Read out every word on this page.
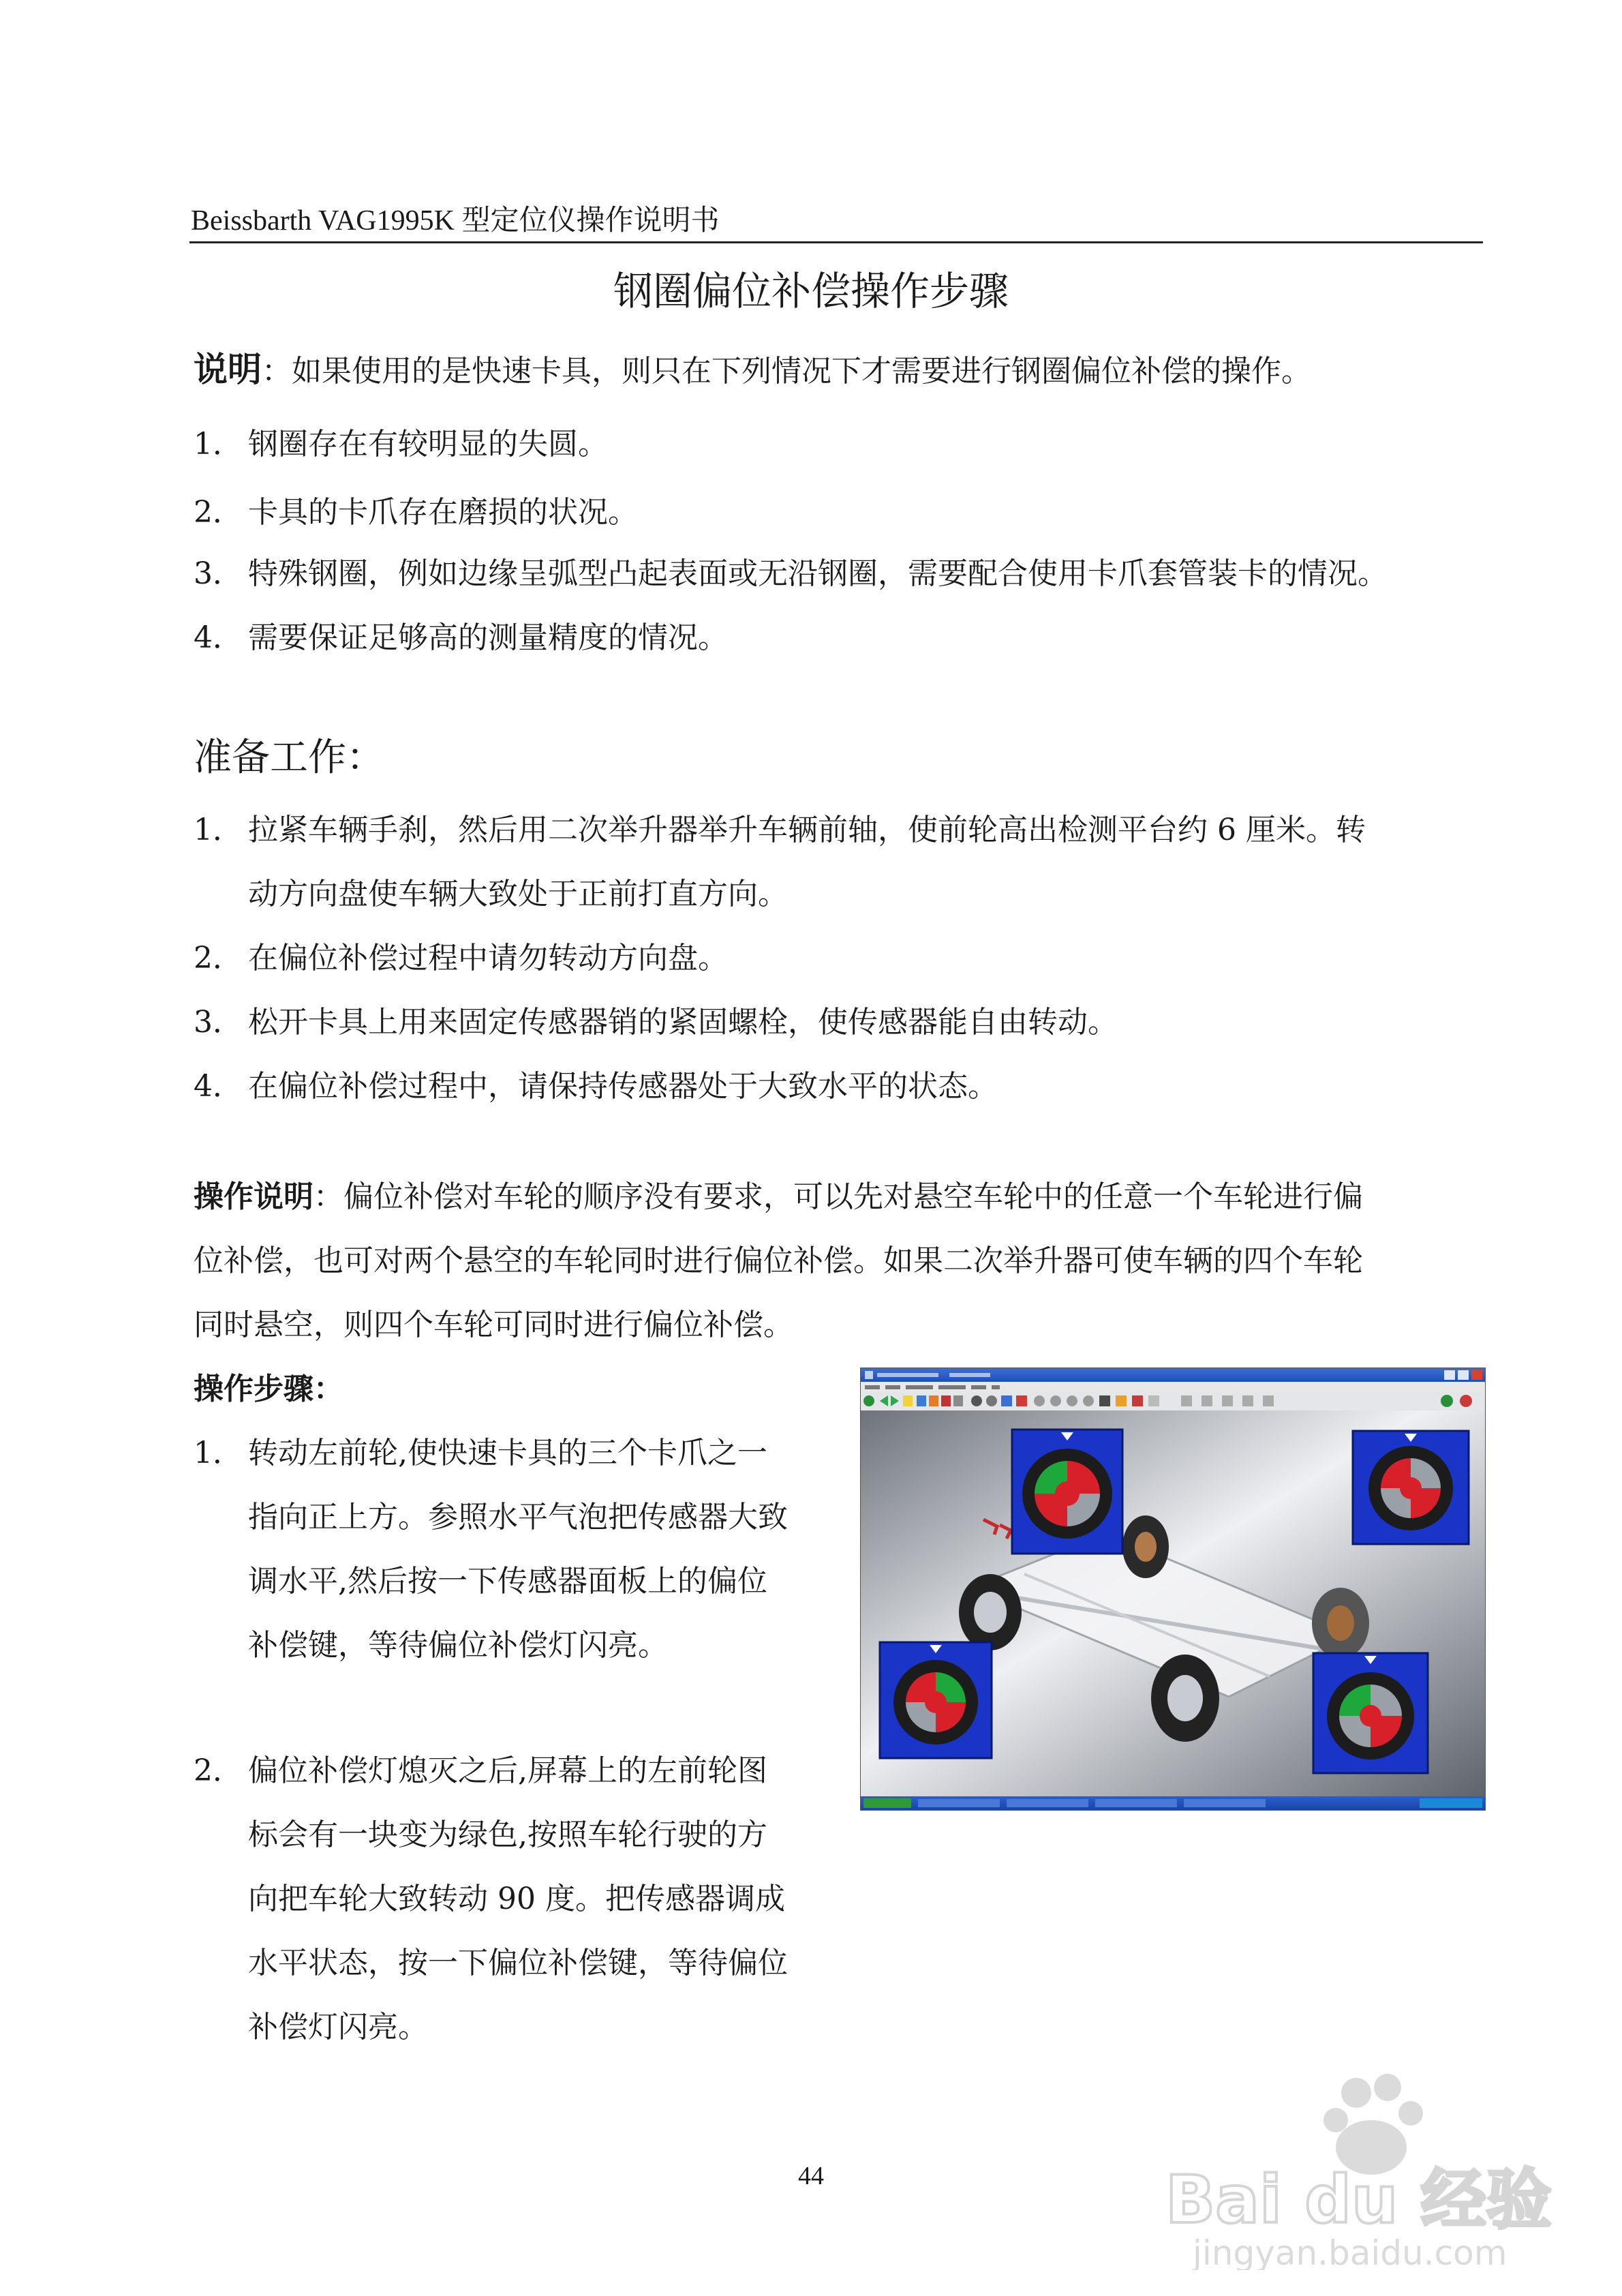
Beissbarth VAG1995K 型定位仪操作说明书
钢圈偏位补偿操作步骤
说明：如果使用的是快速卡具，则只在下列情况下才需要进行钢圈偏位补偿的操作。
1． 钢圈存在有较明显的失圆。
2． 卡具的卡爪存在磨损的状况。
3． 特殊钢圈，例如边缘呈弧型凸起表面或无沿钢圈，需要配合使用卡爪套管装卡的情况。
4． 需要保证足够高的测量精度的情况。
准备工作：
1． 拉紧车辆手刹，然后用二次举升器举升车辆前轴，使前轮高出检测平台约 6 厘米。转
动方向盘使车辆大致处于正前打直方向。
2． 在偏位补偿过程中请勿转动方向盘。
3． 松开卡具上用来固定传感器销的紧固螺栓，使传感器能自由转动。
4． 在偏位补偿过程中，请保持传感器处于大致水平的状态。
操作说明：偏位补偿对车轮的顺序没有要求，可以先对悬空车轮中的任意一个车轮进行偏
位补偿，也可对两个悬空的车轮同时进行偏位补偿。如果二次举升器可使车辆的四个车轮
同时悬空，则四个车轮可同时进行偏位补偿。
操作步骤：
1． 转动左前轮,使快速卡具的三个卡爪之一
指向正上方。参照水平气泡把传感器大致
调水平,然后按一下传感器面板上的偏位
补偿键，等待偏位补偿灯闪亮。
2． 偏位补偿灯熄灭之后,屏幕上的左前轮图
标会有一块变为绿色,按照车轮行驶的方
向把车轮大致转动 90 度。把传感器调成
水平状态，按一下偏位补偿键，等待偏位
补偿灯闪亮。
44	Bai du 经验
jingyan.baidu.com
